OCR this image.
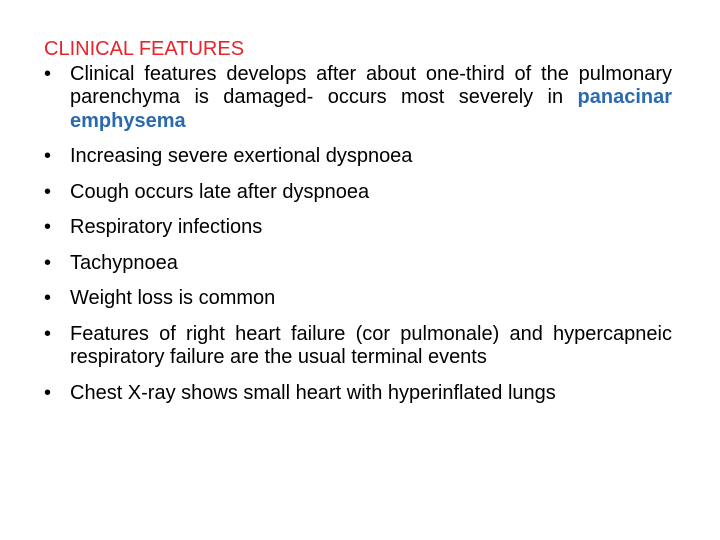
CLINICAL FEATURES
• Clinical features develops after about one-third of the pulmonary parenchyma is damaged- occurs most severely in panacinar emphysema
• Increasing severe exertional dyspnoea
• Cough occurs late after dyspnoea
• Respiratory infections
• Tachypnoea
• Weight loss is common
• Features of right heart failure (cor pulmonale) and hypercapneic respiratory failure are the usual terminal events
• Chest X-ray shows small heart with hyperinflated lungs
